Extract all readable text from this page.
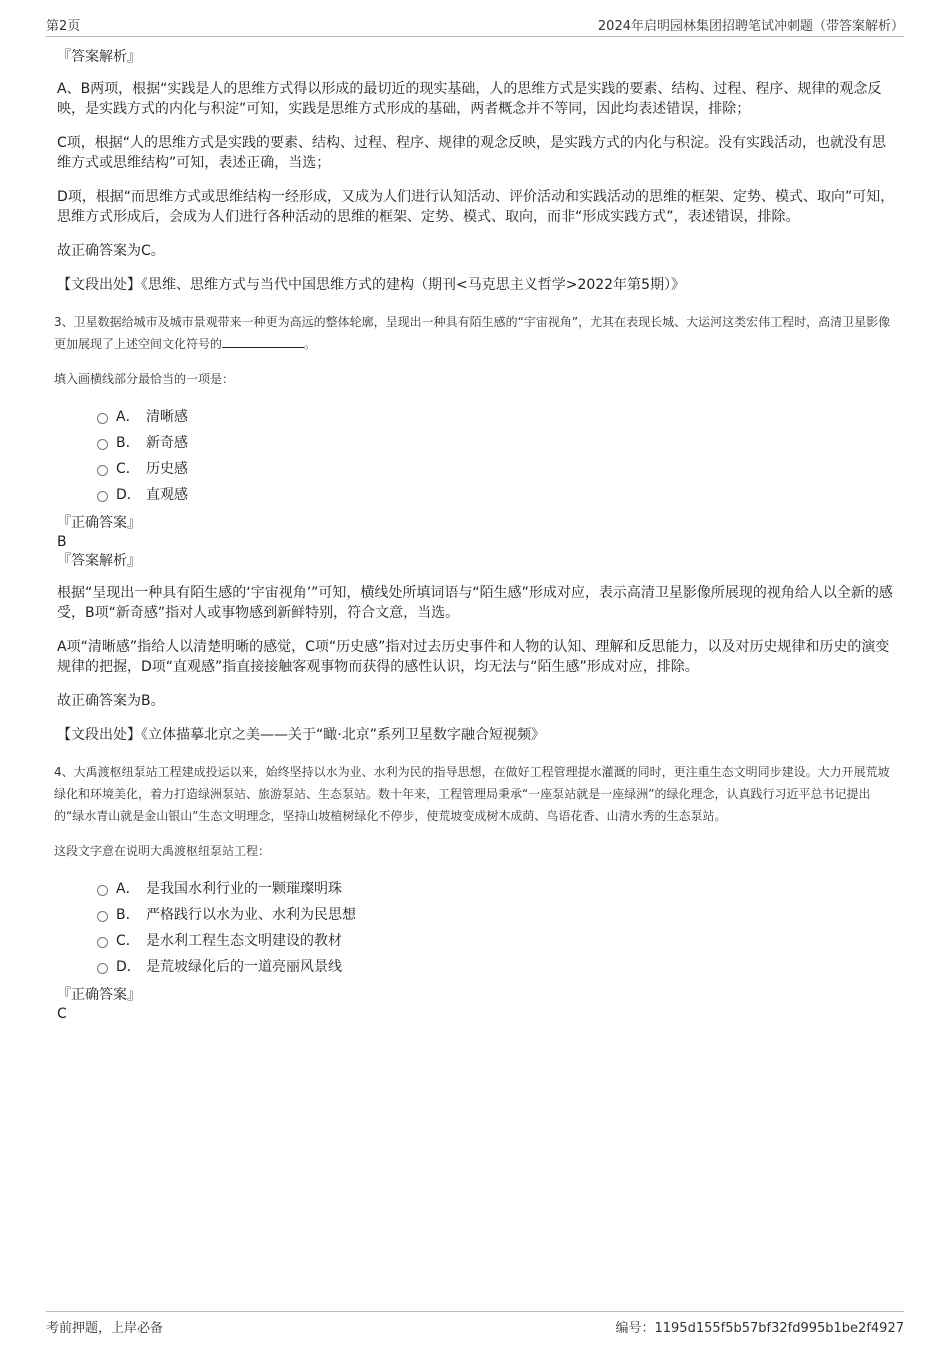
第2页	2024年启明园林集团招聘笔试冲刺题（带答案解析）

『答案解析』

A、B两项，根据“实践是人的思维方式得以形成的最切近的现实基础，人的思维方式是实践的要素、结构、过程、程序、规律的观念反映，是实践方式的内化与积淀”可知，实践是思维方式形成的基础，两者概念并不等同，因此均表述错误，排除；

C项，根据“人的思维方式是实践的要素、结构、过程、程序、规律的观念反映，是实践方式的内化与积淀。没有实践活动，也就没有思维方式或思维结构”可知，表述正确，当选；

D项，根据“而思维方式或思维结构一经形成，又成为人们进行认知活动、评价活动和实践活动的思维的框架、定势、模式、取向”可知，思维方式形成后，会成为人们进行各种活动的思维的框架、定势、模式、取向，而非“形成实践方式”，表述错误，排除。

故正确答案为C。

【文段出处】《思维、思维方式与当代中国思维方式的建构（期刊<马克思主义哲学>2022年第5期）》

3、卫星数据给城市及城市景观带来一种更为高远的整体轮廓，呈现出一种具有陌生感的“宇宙视角”，尤其在表现长城、大运河这类宏伟工程时，高清卫星影像更加展现了上述空间文化符号的	。

填入画横线部分最恰当的一项是：

A． 清晰感
B． 新奇感
C． 历史感
D． 直观感

『正确答案』

B

『答案解析』

根据“呈现出一种具有陌生感的‘宇宙视角’”可知，横线处所填词语与“陌生感”形成对应，表示高清卫星影像所展现的视角给人以全新的感受，B项“新奇感”指对人或事物感到新鲜特别，符合文意，当选。

A项“清晰感”指给人以清楚明晰的感觉，C项“历史感”指对过去历史事件和人物的认知、理解和反思能力，以及对历史规律和历史的演变规律的把握，D项“直观感”指直接接触客观事物而获得的感性认识，均无法与“陌生感”形成对应，排除。

故正确答案为B。

【文段出处】《立体描摹北京之美——关于“瞰·北京”系列卫星数字融合短视频》

4、大禹渡枢纽泵站工程建成投运以来，始终坚持以水为业、水利为民的指导思想，在做好工程管理提水灌溉的同时，更注重生态文明同步建设。大力开展荒坡绿化和环境美化，着力打造绿洲泵站、旅游泵站、生态泵站。数十年来，工程管理局秉承“一座泵站就是一座绿洲”的绿化理念，认真践行习近平总书记提出的“绿水青山就是金山银山”生态文明理念，坚持山坡植树绿化不停步，使荒坡变成树木成荫、鸟语花香、山清水秀的生态泵站。

这段文字意在说明大禹渡枢纽泵站工程：

A． 是我国水利行业的一颗璀璨明珠
B． 严格践行以水为业、水利为民思想
C． 是水利工程生态文明建设的教材
D． 是荒坡绿化后的一道亮丽风景线

『正确答案』

C

考前押题，上岸必备	编号：1195d155f5b57bf32fd995b1be2f4927
